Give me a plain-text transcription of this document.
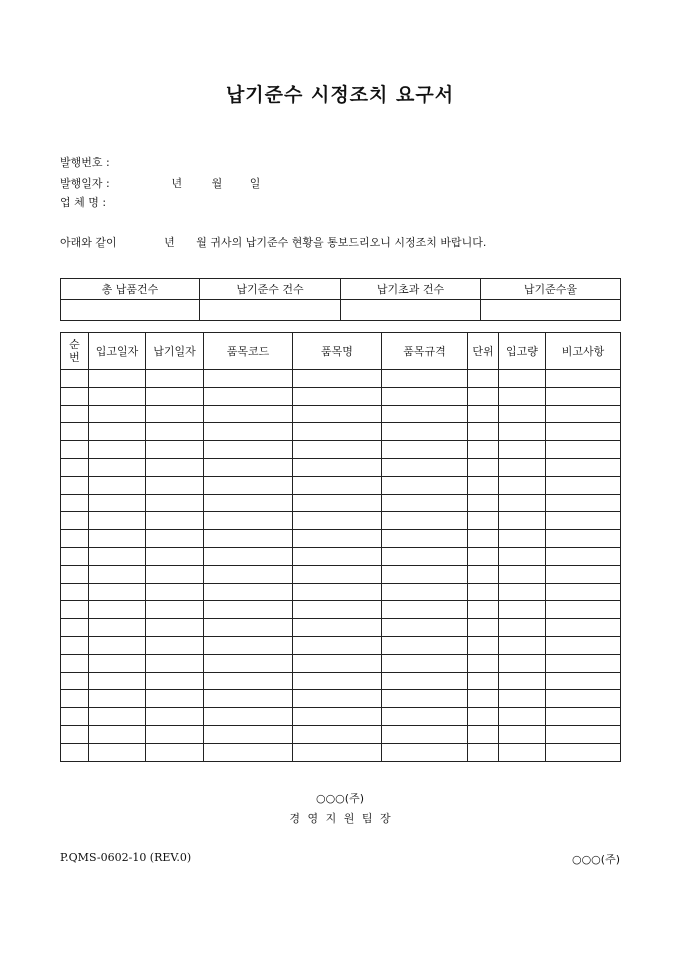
납기준수 시정조치 요구서
발행번호 :
발행일자 :	년	월	일
업 체 명 :
아래와 같이	년 월 귀사의 납기준수 현황을 통보드리오니 시정조치 바랍니다.
총 납품건수	납기준수 건수	납기초과 건수	납기준수율

순
번	입고일자	납기일자	품목코드	품목명	품목규격	단위	입고량	비고사항

○○○(주)
경 영 지 원 팀 장
P.QMS-0602-10 (REV.0)	○○○(주)
